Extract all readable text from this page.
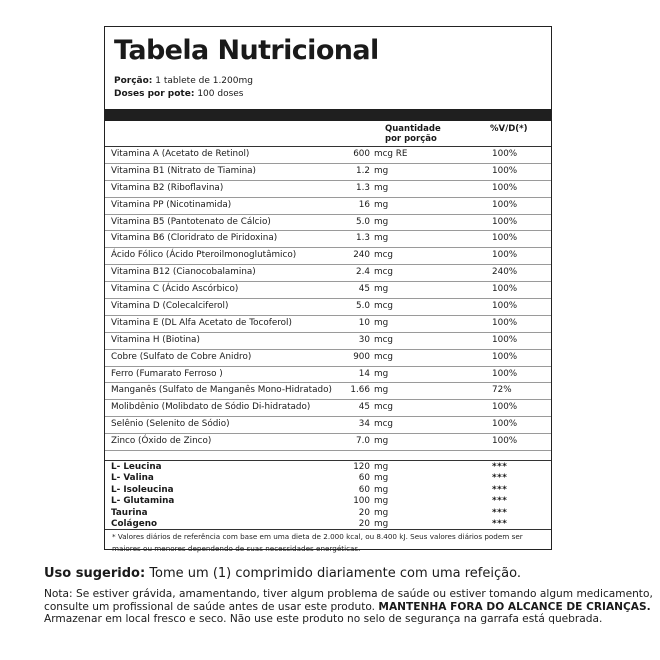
Tabela Nutricional
Porção: 1 tablete de 1.200mg
Doses por pote: 100 doses
Quantidade
por porção
%V/D(*)
Vitamina A (Acetato de Retinol)	600 mcg RE	100%
Vitamina B1 (Nitrato de Tiamina)	1.2 mg	100%
Vitamina B2 (Riboflavina)	1.3 mg	100%
Vitamina PP (Nicotinamida)	16 mg	100%
Vitamina B5 (Pantotenato de Cálcio)	5.0 mg	100%
Vitamina B6 (Cloridrato de Piridoxina)	1.3 mg	100%
Ácido Fólico (Ácido Pteroilmonoglutâmico)	240 mcg	100%
Vitamina B12 (Cianocobalamina)	2.4 mcg	240%
Vitamina C (Ácido Ascórbico)	45 mg	100%
Vitamina D (Colecalciferol)	5.0 mcg	100%
Vitamina E (DL Alfa Acetato de Tocoferol)	10 mg	100%
Vitamina H (Biotina)	30 mcg	100%
Cobre (Sulfato de Cobre Anidro)	900 mcg	100%
Ferro (Fumarato Ferroso )	14 mg	100%
Manganês (Sulfato de Manganês Mono-Hidratado)	1.66 mg	72%
Molibdênio (Molibdato de Sódio Di-hidratado)	45 mcg	100%
Selênio (Selenito de Sódio)	34 mcg	100%
Zinco (Óxido de Zinco)	7.0 mg	100%
L- Leucina	120 mg	***
L- Valina	60 mg	***
L- Isoleucina	60 mg	***
L- Glutamina	100 mg	***
Taurina	20 mg	***
Colágeno	20 mg	***
* Valores diários de referência com base em uma dieta de 2.000 kcal, ou 8.400 kJ. Seus valores diários podem ser maiores ou menores dependendo de suas necessidades energéticas.
Uso sugerido: Tome um (1) comprimido diariamente com uma refeição.
Nota: Se estiver grávida, amamentando, tiver algum problema de saúde ou estiver tomando algum medicamento,
consulte um profissional de saúde antes de usar este produto. MANTENHA FORA DO ALCANCE DE CRIANÇAS.
Armazenar em local fresco e seco. Não use este produto no selo de segurança na garrafa está quebrada.
